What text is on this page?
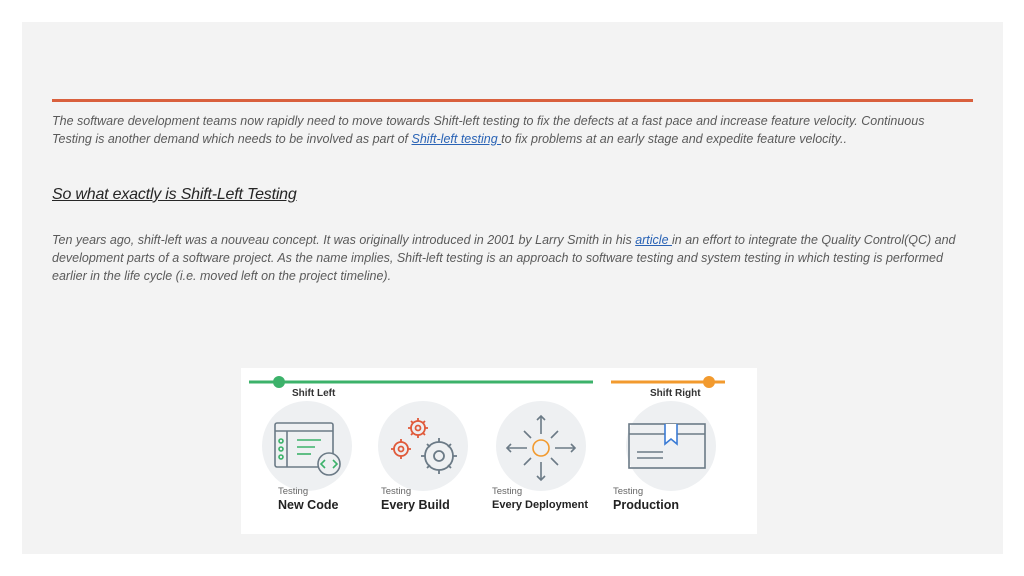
The software development teams now rapidly need to move towards Shift-left testing to fix the defects at a fast pace and increase feature velocity. Continuous Testing is another demand which needs to be involved as part of Shift-left testing to fix problems at an early stage and expedite feature velocity..

So what exactly is Shift-Left Testing

Ten years ago, shift-left was a nouveau concept. It was originally introduced in 2001 by Larry Smith in his article in an effort to integrate the Quality Control(QC) and development parts of a software project. As the name implies, Shift-left testing is an approach to software testing and system testing in which testing is performed earlier in the life cycle (i.e. moved left on the project timeline).

Shift Left	Shift Right
Testing
New Code
Testing
Every Build
Testing
Every Deployment
Testing
Production
